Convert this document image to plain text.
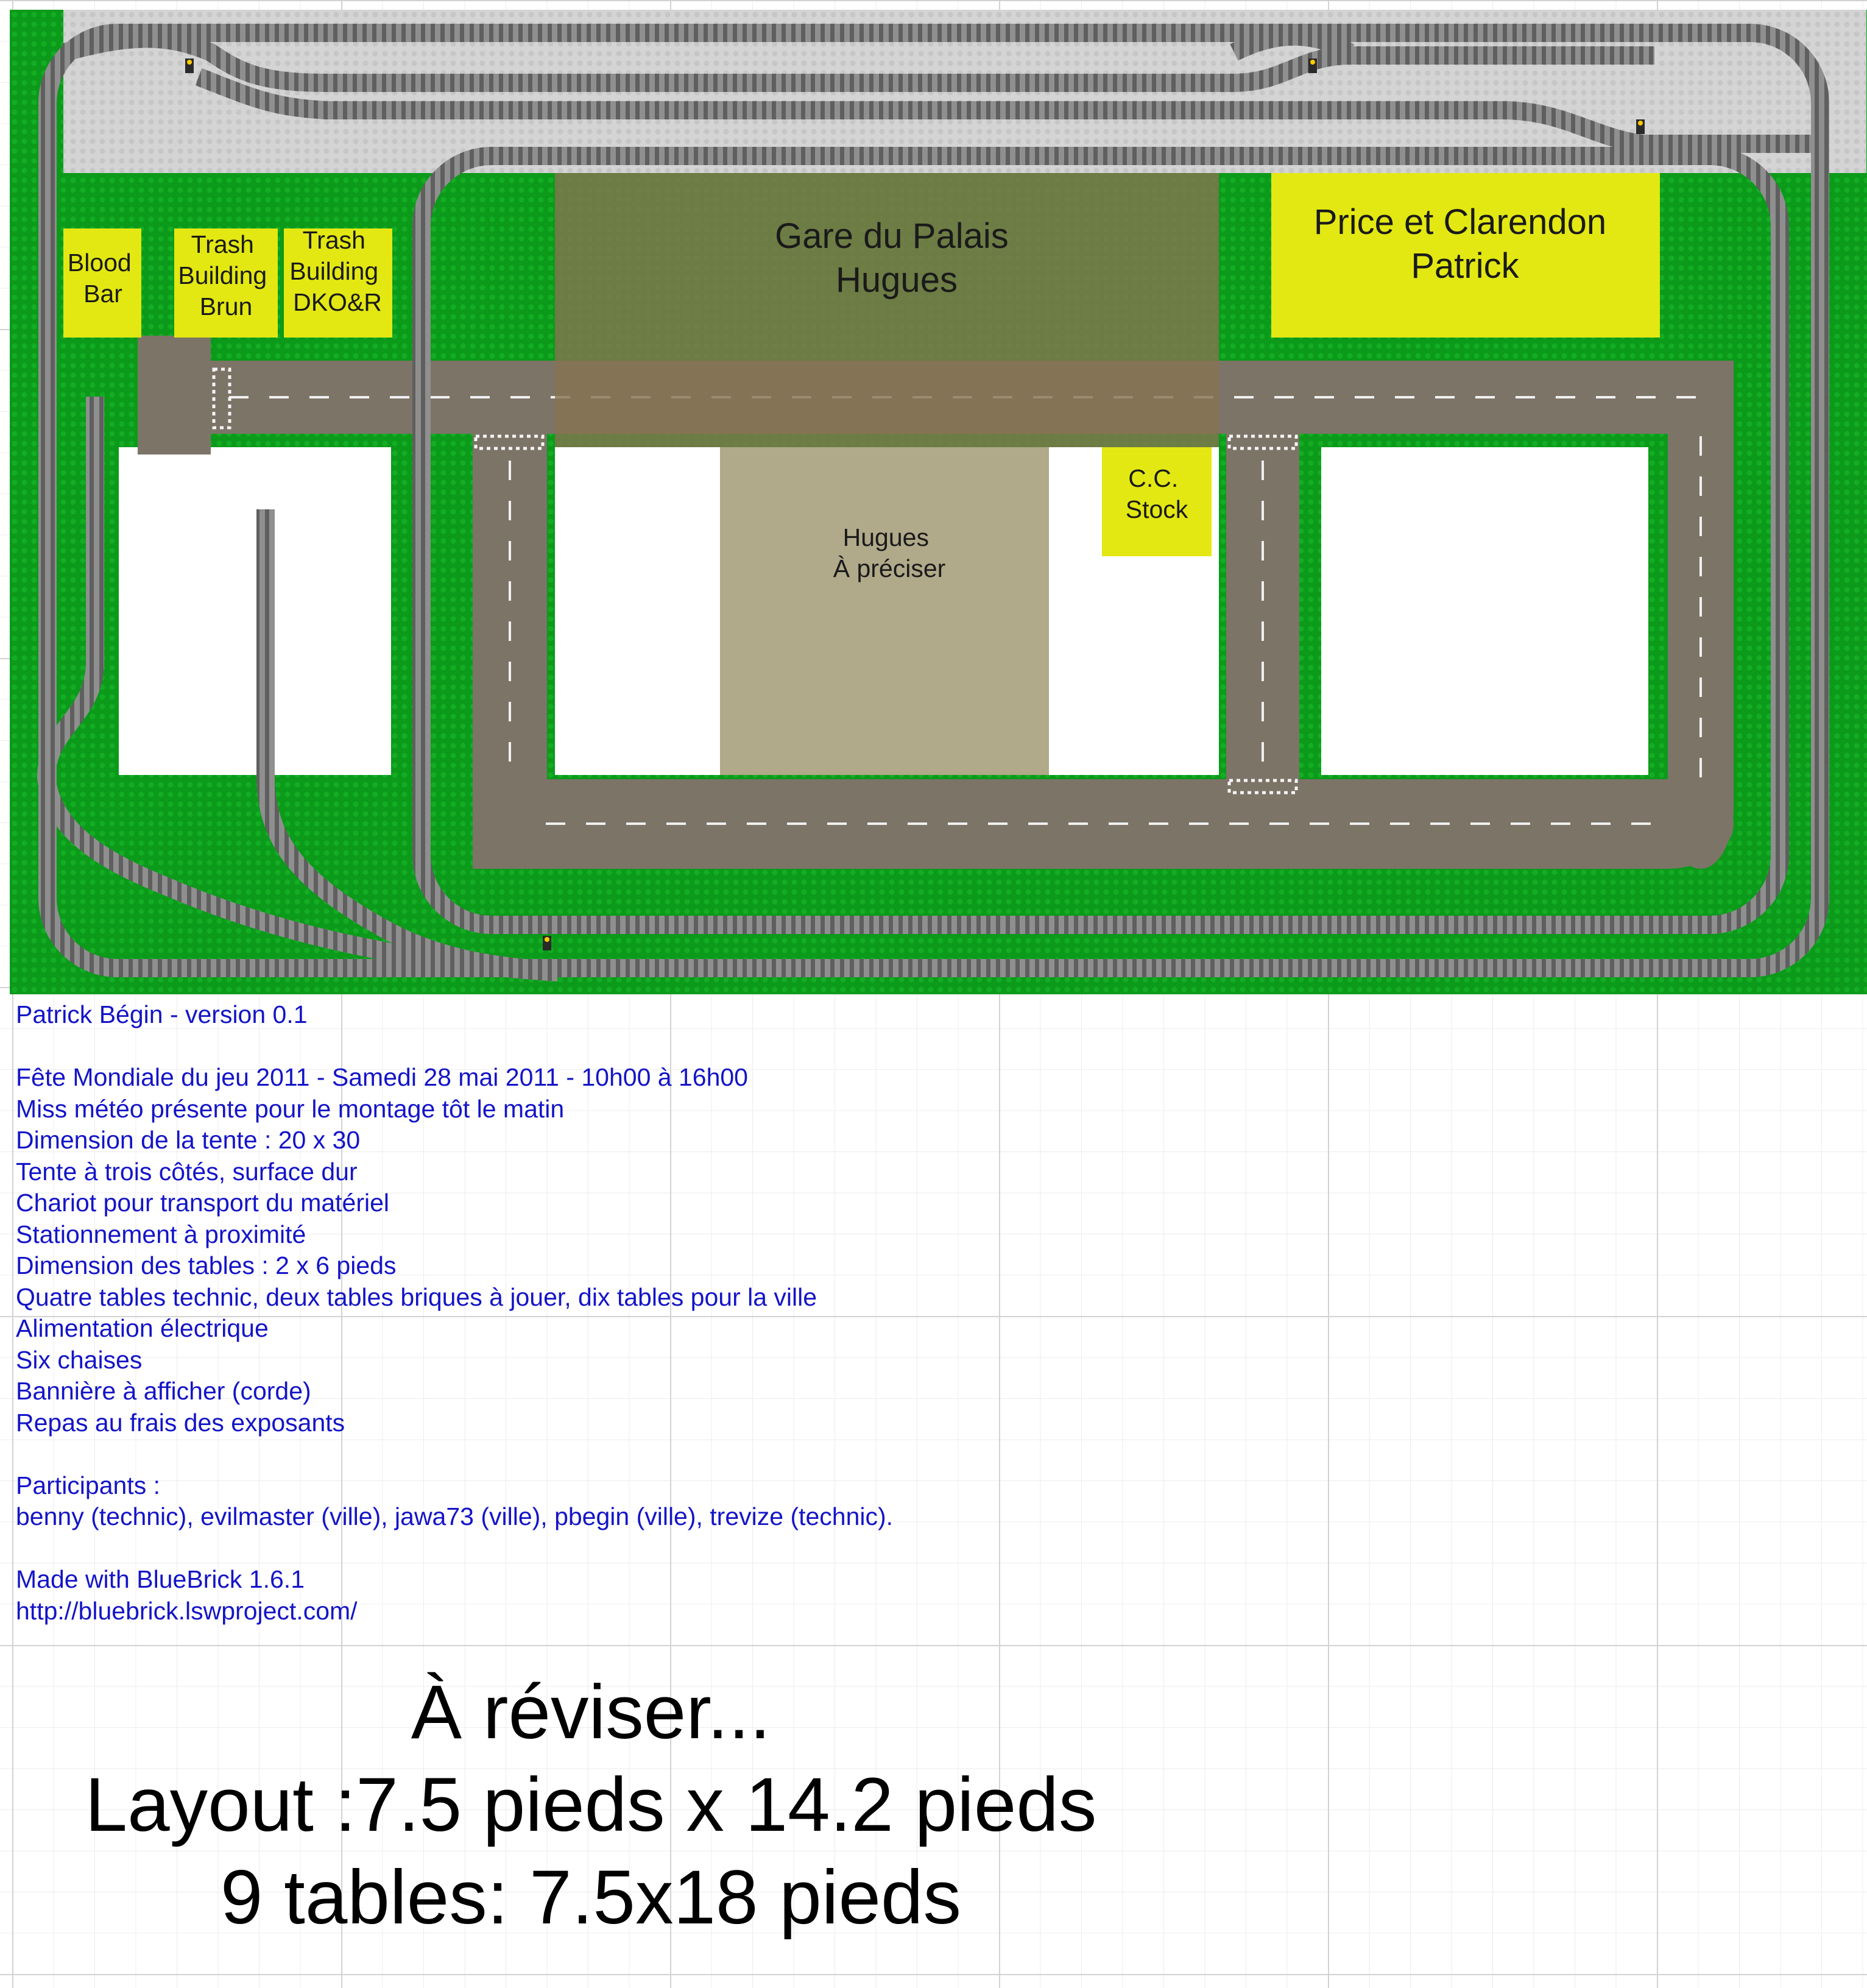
Blood Bar
Trash Building Brun
Trash Building DKO&R
Gare du Palais Hugues
Price et Clarendon Patrick
C.C. Stock
Hugues À préciser
Patrick Bégin - version 0.1
Fête Mondiale du jeu 2011 - Samedi 28 mai 2011 - 10h00 à 16h00
Miss météo présente pour le montage tôt le matin
Dimension de la tente : 20 x 30
Tente à trois côtés, surface dur
Chariot pour transport du matériel
Stationnement à proximité
Dimension des tables : 2 x 6 pieds
Quatre tables technic, deux tables briques à jouer, dix tables pour la ville
Alimentation électrique
Six chaises
Bannière à afficher (corde)
Repas au frais des exposants
Participants :
benny (technic), evilmaster (ville), jawa73 (ville), pbegin (ville), trevize (technic).
Made with BlueBrick 1.6.1
http://bluebrick.lswproject.com/
À réviser...
Layout :7.5 pieds x 14.2 pieds
9 tables: 7.5x18 pieds
